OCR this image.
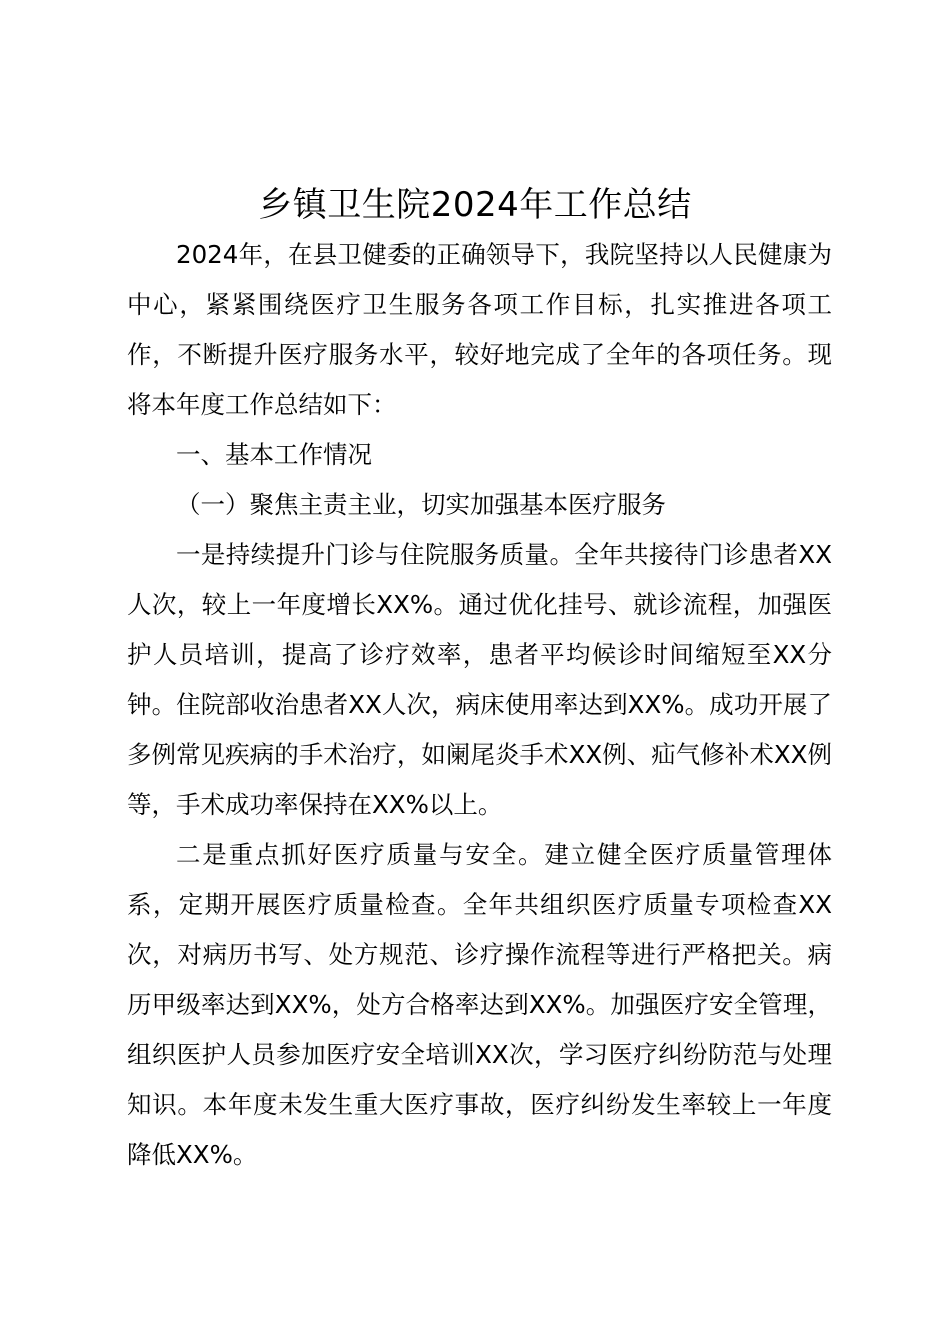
乡镇卫生院2024年工作总结

2024年，在县卫健委的正确领导下，我院坚持以人民健康为中心，紧紧围绕医疗卫生服务各项工作目标，扎实推进各项工作，不断提升医疗服务水平，较好地完成了全年的各项任务。现将本年度工作总结如下：

一、基本工作情况

（一）聚焦主责主业，切实加强基本医疗服务

一是持续提升门诊与住院服务质量。全年共接待门诊患者XX人次，较上一年度增长XX%。通过优化挂号、就诊流程，加强医护人员培训，提高了诊疗效率，患者平均候诊时间缩短至XX分钟。住院部收治患者XX人次，病床使用率达到XX%。成功开展了多例常见疾病的手术治疗，如阑尾炎手术XX例、疝气修补术XX例等，手术成功率保持在XX%以上。

二是重点抓好医疗质量与安全。建立健全医疗质量管理体系，定期开展医疗质量检查。全年共组织医疗质量专项检查XX次，对病历书写、处方规范、诊疗操作流程等进行严格把关。病历甲级率达到XX%，处方合格率达到XX%。加强医疗安全管理，组织医护人员参加医疗安全培训XX次，学习医疗纠纷防范与处理知识。本年度未发生重大医疗事故，医疗纠纷发生率较上一年度降低XX%。
